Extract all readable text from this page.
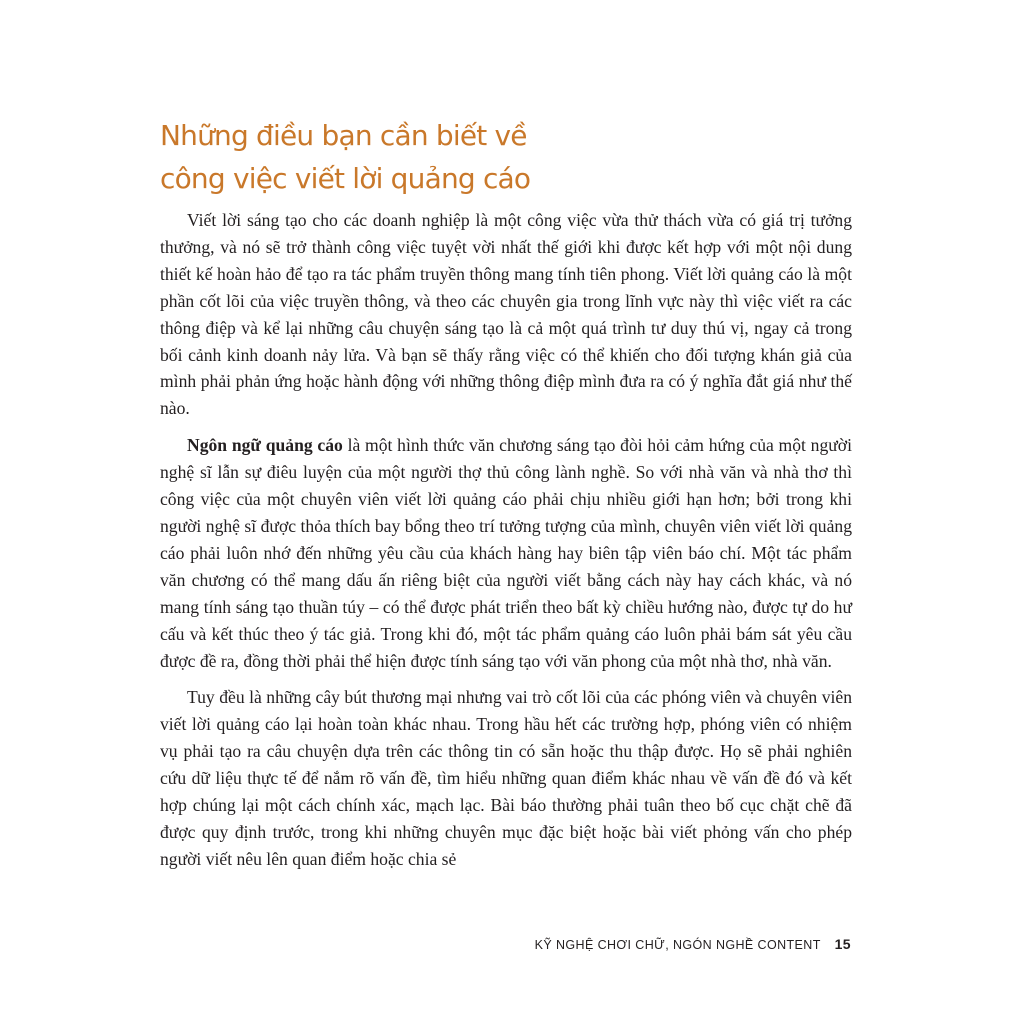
Những điều bạn cần biết về
công việc viết lời quảng cáo

Viết lời sáng tạo cho các doanh nghiệp là một công việc vừa thử thách vừa có giá trị tưởng thưởng, và nó sẽ trở thành công việc tuyệt vời nhất thế giới khi được kết hợp với một nội dung thiết kế hoàn hảo để tạo ra tác phẩm truyền thông mang tính tiên phong. Viết lời quảng cáo là một phần cốt lõi của việc truyền thông, và theo các chuyên gia trong lĩnh vực này thì việc viết ra các thông điệp và kể lại những câu chuyện sáng tạo là cả một quá trình tư duy thú vị, ngay cả trong bối cảnh kinh doanh nảy lửa. Và bạn sẽ thấy rằng việc có thể khiến cho đối tượng khán giả của mình phải phản ứng hoặc hành động với những thông điệp mình đưa ra có ý nghĩa đắt giá như thế nào.

Ngôn ngữ quảng cáo là một hình thức văn chương sáng tạo đòi hỏi cảm hứng của một người nghệ sĩ lẫn sự điêu luyện của một người thợ thủ công lành nghề. So với nhà văn và nhà thơ thì công việc của một chuyên viên viết lời quảng cáo phải chịu nhiều giới hạn hơn; bởi trong khi người nghệ sĩ được thỏa thích bay bổng theo trí tưởng tượng của mình, chuyên viên viết lời quảng cáo phải luôn nhớ đến những yêu cầu của khách hàng hay biên tập viên báo chí. Một tác phẩm văn chương có thể mang dấu ấn riêng biệt của người viết bằng cách này hay cách khác, và nó mang tính sáng tạo thuần túy – có thể được phát triển theo bất kỳ chiều hướng nào, được tự do hư cấu và kết thúc theo ý tác giả. Trong khi đó, một tác phẩm quảng cáo luôn phải bám sát yêu cầu được đề ra, đồng thời phải thể hiện được tính sáng tạo với văn phong của một nhà thơ, nhà văn.

Tuy đều là những cây bút thương mại nhưng vai trò cốt lõi của các phóng viên và chuyên viên viết lời quảng cáo lại hoàn toàn khác nhau. Trong hầu hết các trường hợp, phóng viên có nhiệm vụ phải tạo ra câu chuyện dựa trên các thông tin có sẵn hoặc thu thập được. Họ sẽ phải nghiên cứu dữ liệu thực tế để nắm rõ vấn đề, tìm hiểu những quan điểm khác nhau về vấn đề đó và kết hợp chúng lại một cách chính xác, mạch lạc. Bài báo thường phải tuân theo bố cục chặt chẽ đã được quy định trước, trong khi những chuyên mục đặc biệt hoặc bài viết phỏng vấn cho phép người viết nêu lên quan điểm hoặc chia sẻ

KỸ NGHỆ CHƠI CHỮ, NGÓN NGHỀ CONTENT 15
